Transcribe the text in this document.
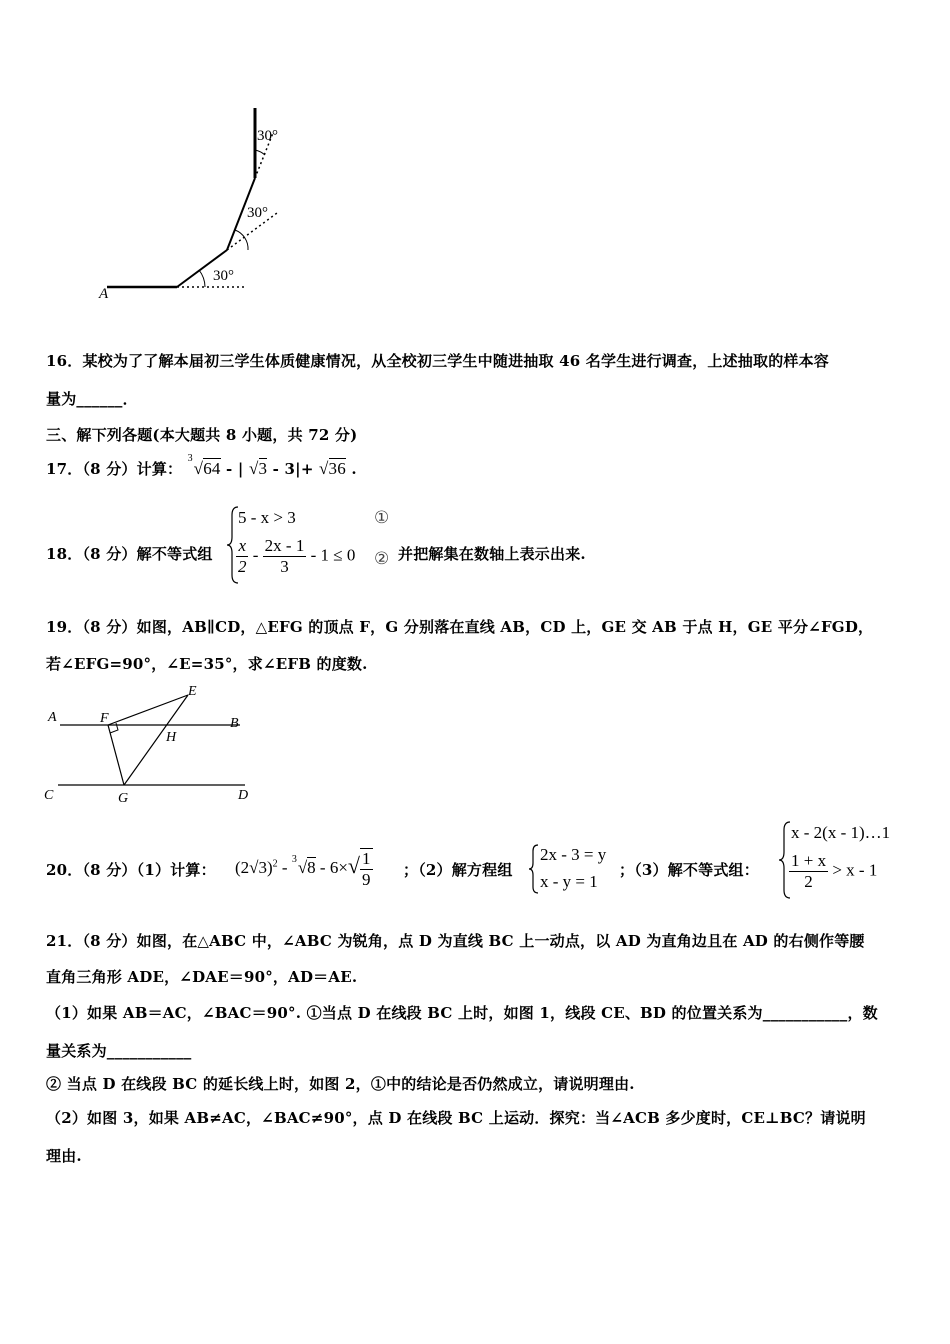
30°
30°
30°
A
16．某校为了了解本届初三学生体质健康情况，从全校初三学生中随进抽取 46 名学生进行调查，上述抽取的样本容
量为______．
三、解下列各题(本大题共 8 小题，共 72 分)
17．（8 分）计算：
3
√64 - | √3 - 3|+ √36 .
18．（8 分）解不等式组
5 - x > 3	①
$\frac{x}{2} - \frac{2x - 1}{3} - 1 \le 0$ ② 并把解集在数轴上表示出来.
19．（8 分）如图，AB∥CD，△EFG 的顶点 F，G 分别落在直线 AB，CD 上，GE 交 AB 于点 H，GE 平分∠FGD，
若∠EFG=90°，∠E=35°，求∠EFB 的度数.
A	B
C	D
E
F
G
H
20．（8 分）（1）计算： $(2√3)^2 - 3$ $√8 - 6\times√ \frac{1}{9}$ ；（2）解方程组
2x - 3 = y
x - y = 1
；（3）解不等式组：
x - 2(x - 1)…1
$\frac{1 + x}{2} > x - 1$
21．（8 分）如图，在△ABC 中，∠ABC 为锐角，点 D 为直线 BC 上一动点，以 AD 为直角边且在 AD 的右侧作等腰
直角三角形 ADE，∠DAE＝90°，AD＝AE.
（1）如果 AB＝AC，∠BAC＝90°. ①当点 D 在线段 BC 上时，如图 1，线段 CE、BD 的位置关系为___________，数
量关系为___________
② 当点 D 在线段 BC 的延长线上时，如图 2，①中的结论是否仍然成立，请说明理由.
（2）如图 3，如果 AB≠AC，∠BAC≠90°，点 D 在线段 BC 上运动．探究：当∠ACB 多少度时，CE⊥BC？请说明
理由.
